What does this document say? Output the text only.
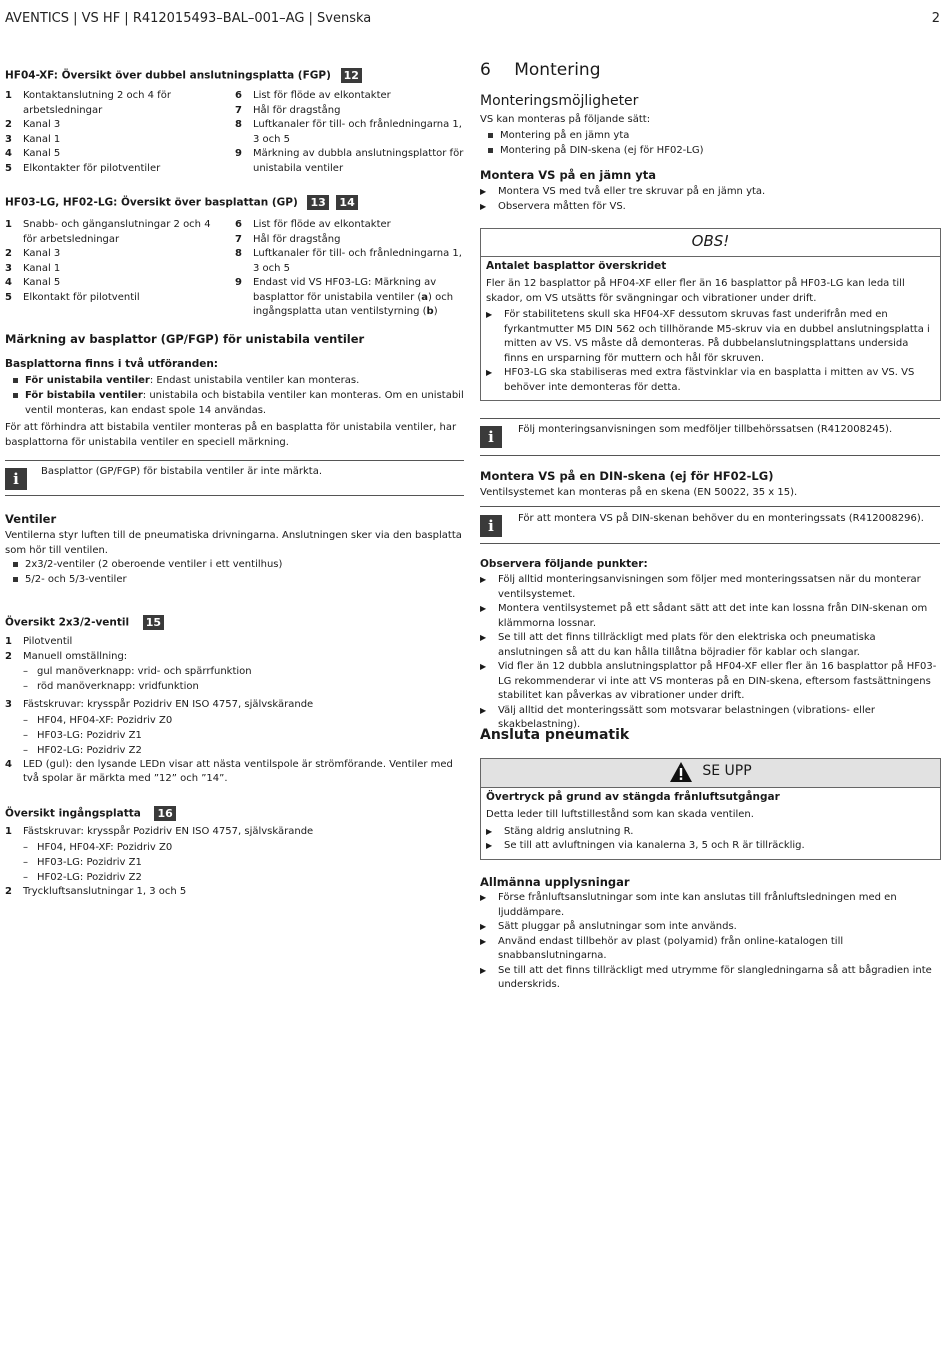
AVENTICS | VS HF | R412015493–BAL–001–AG | Svenska	2
HF04-XF: Översikt över dubbel anslutningsplatta (FGP) 12
1	Kontaktanslutning 2 och 4 för arbetsledningar
2	Kanal 3
3	Kanal 1
4	Kanal 5
5	Elkontakter för pilotventiler
6	List för flöde av elkontakter
7	Hål för dragstång
8	Luftkanaler för till- och frånledningarna 1, 3 och 5
9	Märkning av dubbla anslutningsplattor för unistabila ventiler
HF03-LG, HF02-LG: Översikt över basplattan (GP) 13 14
1	Snabb- och gänganslutningar 2 och 4 för arbetsledningar
2	Kanal 3
3	Kanal 1
4	Kanal 5
5	Elkontakt för pilotventil
6	List för flöde av elkontakter
7	Hål för dragstång
8	Luftkanaler för till- och frånledningarna 1, 3 och 5
9	Endast vid VS HF03-LG: Märkning av basplattor för unistabila ventiler (a) och ingångsplatta utan ventilstyrning (b)
Märkning av basplattor (GP/FGP) för unistabila ventiler
Basplattorna finns i två utföranden:
För unistabila ventiler: Endast unistabila ventiler kan monteras.
För bistabila ventiler: unistabila och bistabila ventiler kan monteras. Om en unistabil ventil monteras, kan endast spole 14 användas.
För att förhindra att bistabila ventiler monteras på en basplatta för unistabila ventiler, har basplattorna för unistabila ventiler en speciell märkning.
i	Basplattor (GP/FGP) för bistabila ventiler är inte märkta.
Ventiler
Ventilerna styr luften till de pneumatiska drivningarna. Anslutningen sker via den basplatta som hör till ventilen.
2x3/2-ventiler (2 oberoende ventiler i ett ventilhus)
5/2- och 5/3-ventiler
Översikt 2x3/2-ventil 15
1	Pilotventil
2	Manuell omställning:
– gul manöverknapp: vrid- och spärrfunktion
– röd manöverknapp: vridfunktion
3	Fästskruvar: krysspår Pozidriv EN ISO 4757, självskärande
– HF04, HF04-XF: Pozidriv Z0
– HF03-LG: Pozidriv Z1
– HF02-LG: Pozidriv Z2
4	LED (gul): den lysande LEDn visar att nästa ventilspole är strömförande. Ventiler med två spolar är märkta med ”12” och ”14”.
Översikt ingångsplatta 16
1	Fästskruvar: krysspår Pozidriv EN ISO 4757, självskärande
– HF04, HF04-XF: Pozidriv Z0
– HF03-LG: Pozidriv Z1
– HF02-LG: Pozidriv Z2
2	Tryckluftsanslutningar 1, 3 och 5
6 Montering
Monteringsmöjligheter
VS kan monteras på följande sätt:
Montering på en jämn yta
Montering på DIN-skena (ej för HF02-LG)
Montera VS på en jämn yta
▶	Montera VS med två eller tre skruvar på en jämn yta.
▶	Observera måtten för VS.
OBS!
Antalet basplattor överskridet
Fler än 12 basplattor på HF04-XF eller fler än 16 basplattor på HF03-LG kan leda till skador, om VS utsätts för svängningar och vibrationer under drift.
▶	För stabilitetens skull ska HF04-XF dessutom skruvas fast underifrån med en fyrkantmutter M5 DIN 562 och tillhörande M5-skruv via en dubbel anslutningsplatta i mitten av VS. VS måste då demonteras. På dubbelanslutningsplattans undersida finns en ursparning för muttern och hål för skruven.
▶	HF03-LG ska stabiliseras med extra fästvinklar via en basplatta i mitten av VS. VS behöver inte demonteras för detta.
i	Följ monteringsanvisningen som medföljer tillbehörssatsen (R412008245).
Montera VS på en DIN-skena (ej för HF02-LG)
Ventilsystemet kan monteras på en skena (EN 50022, 35 x 15).
i	För att montera VS på DIN-skenan behöver du en monteringssats (R412008296).
Observera följande punkter:
▶	Följ alltid monteringsanvisningen som följer med monteringssatsen när du monterar ventilsystemet.
▶	Montera ventilsystemet på ett sådant sätt att det inte kan lossna från DIN-skenan om klämmorna lossnar.
▶	Se till att det finns tillräckligt med plats för den elektriska och pneumatiska anslutningen så att du kan hålla tillåtna böjradier för kablar och slangar.
▶	Vid fler än 12 dubbla anslutningsplattor på HF04-XF eller fler än 16 basplattor på HF03-LG rekommenderar vi inte att VS monteras på en DIN-skena, eftersom fastsättningens stabilitet kan påverkas av vibrationer under drift.
▶	Välj alltid det monteringssätt som motsvarar belastningen (vibrations- eller skakbelastning).
Ansluta pneumatik
SE UPP
Övertryck på grund av stängda frånluftsutgångar
Detta leder till luftstillestånd som kan skada ventilen.
▶	Stäng aldrig anslutning R.
▶	Se till att avluftningen via kanalerna 3, 5 och R är tillräcklig.
Allmänna upplysningar
▶	Förse frånluftsanslutningar som inte kan anslutas till frånluftsledningen med en ljuddämpare.
▶	Sätt pluggar på anslutningar som inte används.
▶	Använd endast tillbehör av plast (polyamid) från online-katalogen till snabbanslutningarna.
▶	Se till att det finns tillräckligt med utrymme för slangledningarna så att bågradien inte underskrids.
